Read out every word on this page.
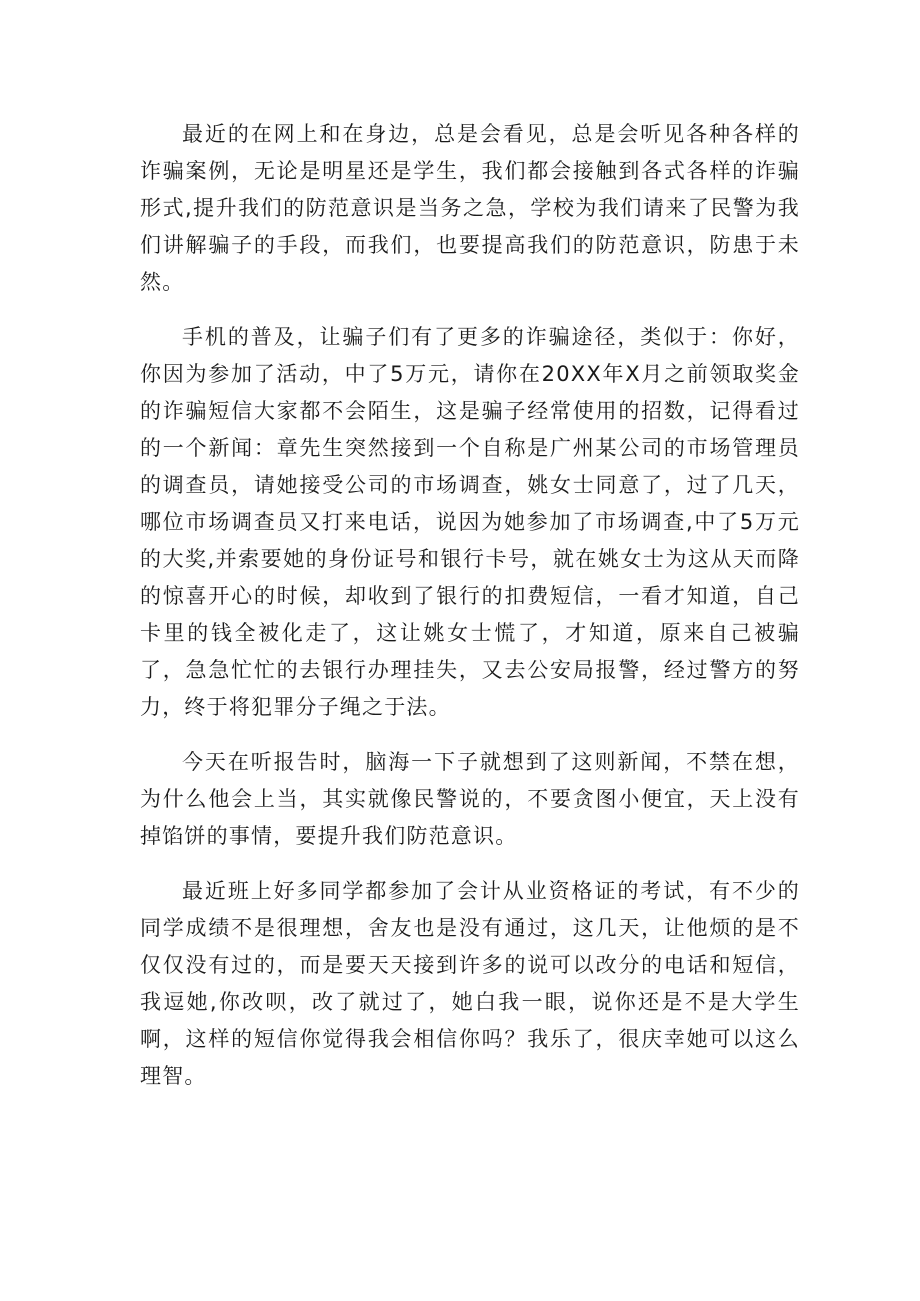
最近的在网上和在身边，总是会看见，总是会听见各种各样的诈骗案例，无论是明星还是学生，我们都会接触到各式各样的诈骗形式,提升我们的防范意识是当务之急，学校为我们请来了民警为我们讲解骗子的手段，而我们，也要提高我们的防范意识，防患于未然。

手机的普及，让骗子们有了更多的诈骗途径，类似于：你好，你因为参加了活动，中了5万元，请你在20XX年X月之前领取奖金的诈骗短信大家都不会陌生，这是骗子经常使用的招数，记得看过的一个新闻：章先生突然接到一个自称是广州某公司的市场管理员的调查员，请她接受公司的市场调查，姚女士同意了，过了几天，哪位市场调查员又打来电话，说因为她参加了市场调查,中了5万元的大奖,并索要她的身份证号和银行卡号，就在姚女士为这从天而降的惊喜开心的时候，却收到了银行的扣费短信，一看才知道，自己卡里的钱全被化走了，这让姚女士慌了，才知道，原来自己被骗了，急急忙忙的去银行办理挂失，又去公安局报警，经过警方的努力，终于将犯罪分子绳之于法。

今天在听报告时，脑海一下子就想到了这则新闻，不禁在想，为什么他会上当，其实就像民警说的，不要贪图小便宜，天上没有掉馅饼的事情，要提升我们防范意识。

最近班上好多同学都参加了会计从业资格证的考试，有不少的同学成绩不是很理想，舍友也是没有通过，这几天，让他烦的是不仅仅没有过的，而是要天天接到许多的说可以改分的电话和短信，我逗她,你改呗，改了就过了，她白我一眼，说你还是不是大学生啊，这样的短信你觉得我会相信你吗？我乐了，很庆幸她可以这么理智。
